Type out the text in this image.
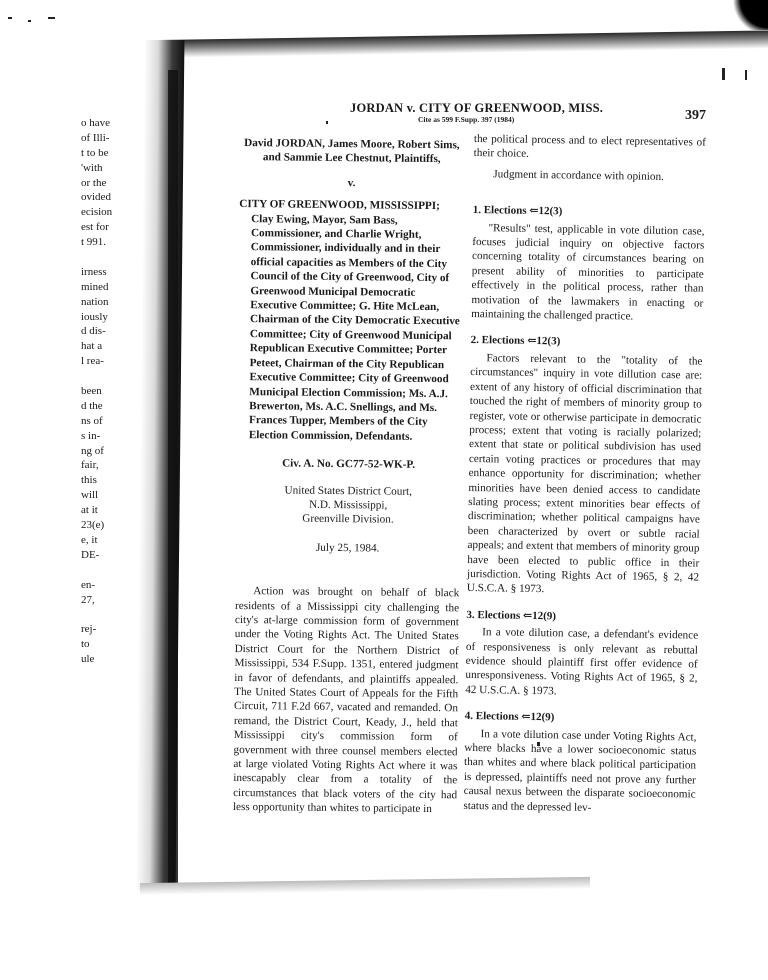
o have
of Illi-
t to be
'with
or the
ovided
ecision
est for
t 991.
irness
mined
nation
iously
d dis-
hat a
l rea-
been
d the
ns of
s in-
ng of
fair,
this
will
at it
23(e)
e, it
DE-
en-
27,
rej-
to
ule
JORDAN v. CITY OF GREENWOOD, MISS.	397
Cite as 599 F.Supp. 397 (1984)
David JORDAN, James Moore, Robert Sims, and Sammie Lee Chestnut, Plaintiffs,
v.
CITY OF GREENWOOD, MISSISSIPPI; Clay Ewing, Mayor, Sam Bass, Commissioner, and Charlie Wright, Commissioner, individually and in their official capacities as Members of the City Council of the City of Greenwood, City of Greenwood Municipal Democratic Executive Committee; G. Hite McLean, Chairman of the City Democratic Executive Committee; City of Greenwood Municipal Republican Executive Committee; Porter Peteet, Chairman of the City Republican Executive Committee; City of Greenwood Municipal Election Commission; Ms. A.J. Brewerton, Ms. A.C. Snellings, and Ms. Frances Tupper, Members of the City Election Commission, Defendants.
Civ. A. No. GC77-52-WK-P.
United States District Court,
N.D. Mississippi,
Greenville Division.
July 25, 1984.
Action was brought on behalf of black residents of a Mississippi city challenging the city's at-large commission form of government under the Voting Rights Act. The United States District Court for the Northern District of Mississippi, 534 F.Supp. 1351, entered judgment in favor of defendants, and plaintiffs appealed. The United States Court of Appeals for the Fifth Circuit, 711 F.2d 667, vacated and remanded. On remand, the District Court, Keady, J., held that Mississippi city's commission form of government with three counsel members elected at large violated Voting Rights Act where it was inescapably clear from a totality of the circumstances that black voters of the city had less opportunity than whites to participate in
the political process and to elect representatives of their choice.
Judgment in accordance with opinion.
1. Elections ⇐12(3)
"Results" test, applicable in vote dilution case, focuses judicial inquiry on objective factors concerning totality of circumstances bearing on present ability of minorities to participate effectively in the political process, rather than motivation of the lawmakers in enacting or maintaining the challenged practice.
2. Elections ⇐12(3)
Factors relevant to the "totality of the circumstances" inquiry in vote dillution case are: extent of any history of official discrimination that touched the right of members of minority group to register, vote or otherwise participate in democratic process; extent that voting is racially polarized; extent that state or political subdivision has used certain voting practices or procedures that may enhance opportunity for discrimination; whether minorities have been denied access to candidate slating process; extent minorities bear effects of discrimination; whether political campaigns have been characterized by overt or subtle racial appeals; and extent that members of minority group have been elected to public office in their jurisdiction. Voting Rights Act of 1965, § 2, 42 U.S.C.A. § 1973.
3. Elections ⇐12(9)
In a vote dilution case, a defendant's evidence of responsiveness is only relevant as rebuttal evidence should plaintiff first offer evidence of unresponsiveness. Voting Rights Act of 1965, § 2, 42 U.S.C.A. § 1973.
4. Elections ⇐12(9)
In a vote dilution case under Voting Rights Act, where blacks have a lower socioeconomic status than whites and where black political participation is depressed, plaintiffs need not prove any further causal nexus between the disparate socioeconomic status and the depressed lev-
